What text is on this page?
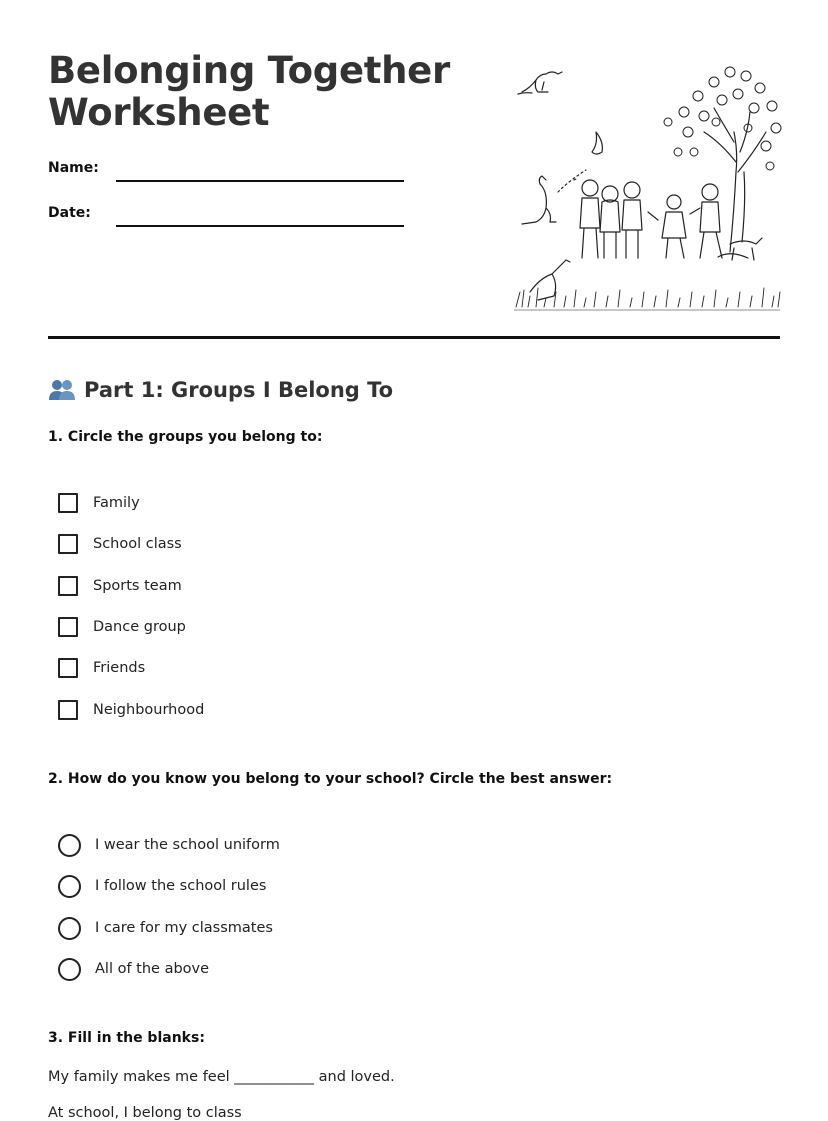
Belonging Together
Worksheet
Name:
Date:
Part 1: Groups I Belong To
1. Circle the groups you belong to:
Family
School class
Sports team
Dance group
Friends
Neighbourhood
2. How do you know you belong to your school? Circle the best answer:
I wear the school uniform
I follow the school rules
I care for my classmates
All of the above
3. Fill in the blanks:
My family makes me feel ___________ and loved.
At school, I belong to class
